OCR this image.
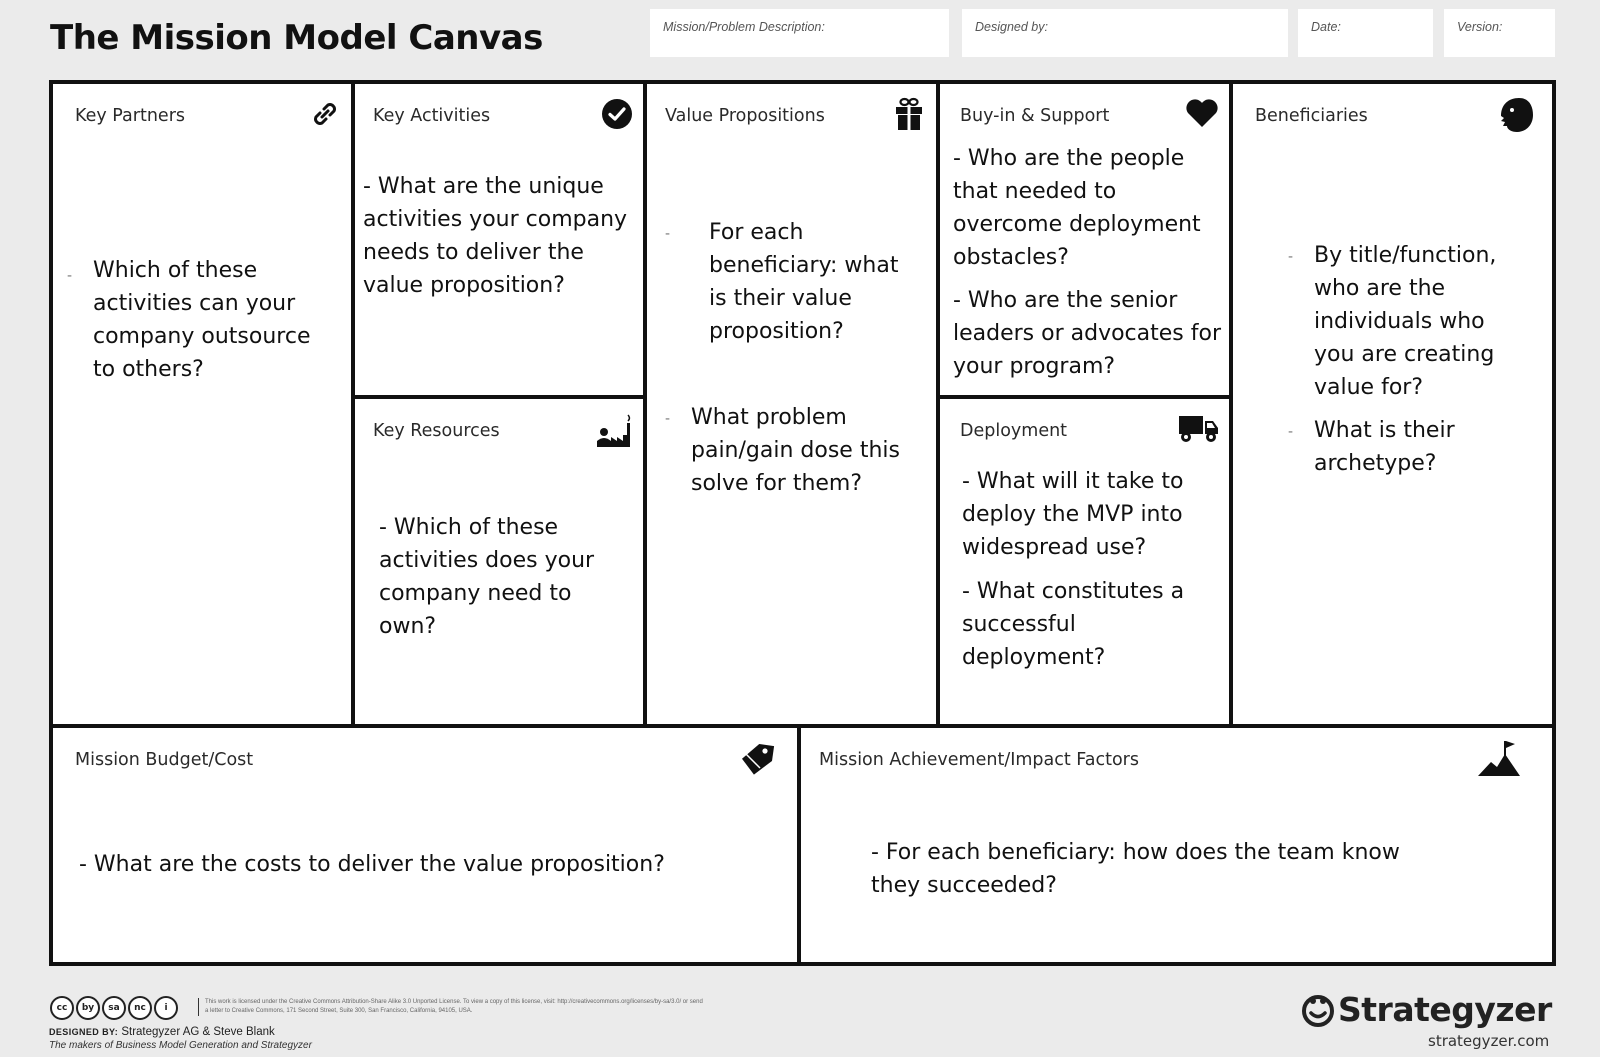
The Mission Model Canvas	Mission/Problem Description:	Designed by:	Date:	Version:
Key Partners
- Which of these activities can your company outsource to others?
Key Activities
- What are the unique activities your company needs to deliver the value proposition?
Key Resources
- Which of these activities does your company need to own?
Value Propositions
- For each beneficiary: what is their value proposition?
- What problem pain/gain dose this solve for them?
Buy-in & Support
- Who are the people that needed to overcome deployment obstacles?
- Who are the senior leaders or advocates for your program?
Deployment
- What will it take to deploy the MVP into widespread use?
- What constitutes a successful deployment?
Beneficiaries
- By title/function, who are the individuals who you are creating value for?
- What is their archetype?
Mission Budget/Cost
- What are the costs to deliver the value proposition?
Mission Achievement/Impact Factors
- For each beneficiary: how does the team know they succeeded?
cc	by	sa	nc	i
This work is licensed under the Creative Commons Attribution-Share Alike 3.0 Unported License. To view a copy of this license, visit: http://creativecommons.org/licenses/by-sa/3.0/ or send a letter to Creative Commons, 171 Second Street, Suite 300, San Francisco, California, 94105, USA.
DESIGNED BY: Strategyzer AG & Steve Blank
The makers of Business Model Generation and Strategyzer
Strategyzer
strategyzer.com
